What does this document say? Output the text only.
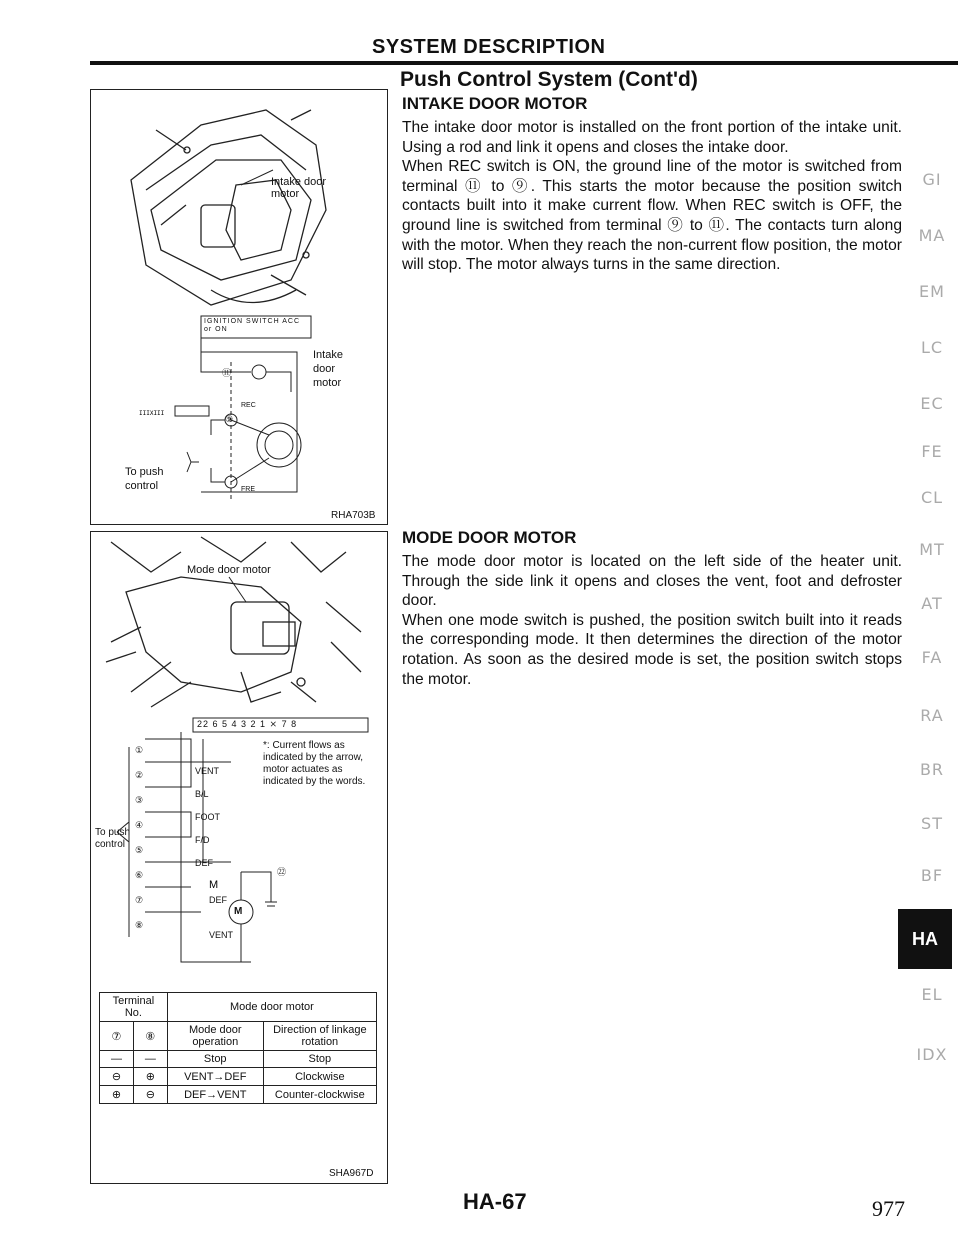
SYSTEM DESCRIPTION
Push Control System (Cont'd)
INTAKE DOOR MOTOR

The intake door motor is installed on the front portion of the intake unit. Using a rod and link it opens and closes the intake door.

When REC switch is ON, the ground line of the motor is switched from terminal ⑪ to ⑨. This starts the motor because the position switch contacts built into it make current flow. When REC switch is OFF, the ground line is switched from terminal ⑨ to ⑪. The contacts turn along with the motor. When they reach the non-current flow position, the motor will stop. The motor always turns in the same direction.

MODE DOOR MOTOR

The mode door motor is located on the left side of the heater unit. Through the side link it opens and closes the vent, foot and defroster door.

When one mode switch is pushed, the position switch built into it reads the corresponding mode. It then determines the direction of the motor rotation. As soon as the desired mode is set, the position switch stops the motor.

IIIXIII
Intake door motor
IGNITION SWITCH ACC or ON
Intake door motor
⑪
⑨
REC
FRE
To push control
RHA703B
M
Mode door motor
22 6 5 4 3 2 1 ⨯ 7 8
*: Current flows as indicated by the arrow, motor actuates as indicated by the words.
VENT
B/L
FOOT
F/D
DEF
①
②
③
④
⑤
⑥
⑦
⑧
㉒
DEF
VENT
M
To push control
Terminal No.		Mode door motor	
⑦	⑧	Mode door operation	Direction of linkage rotation
—	—	Stop	Stop
⊖	⊕	VENT→DEF	Clockwise
⊕	⊖	DEF→VENT	Counter-clockwise
SHA967D
GI
MA
EM
LC
EC
FE
CL
MT
AT
FA
RA
BR
ST
BF
HA
EL
IDX
HA-67	977
